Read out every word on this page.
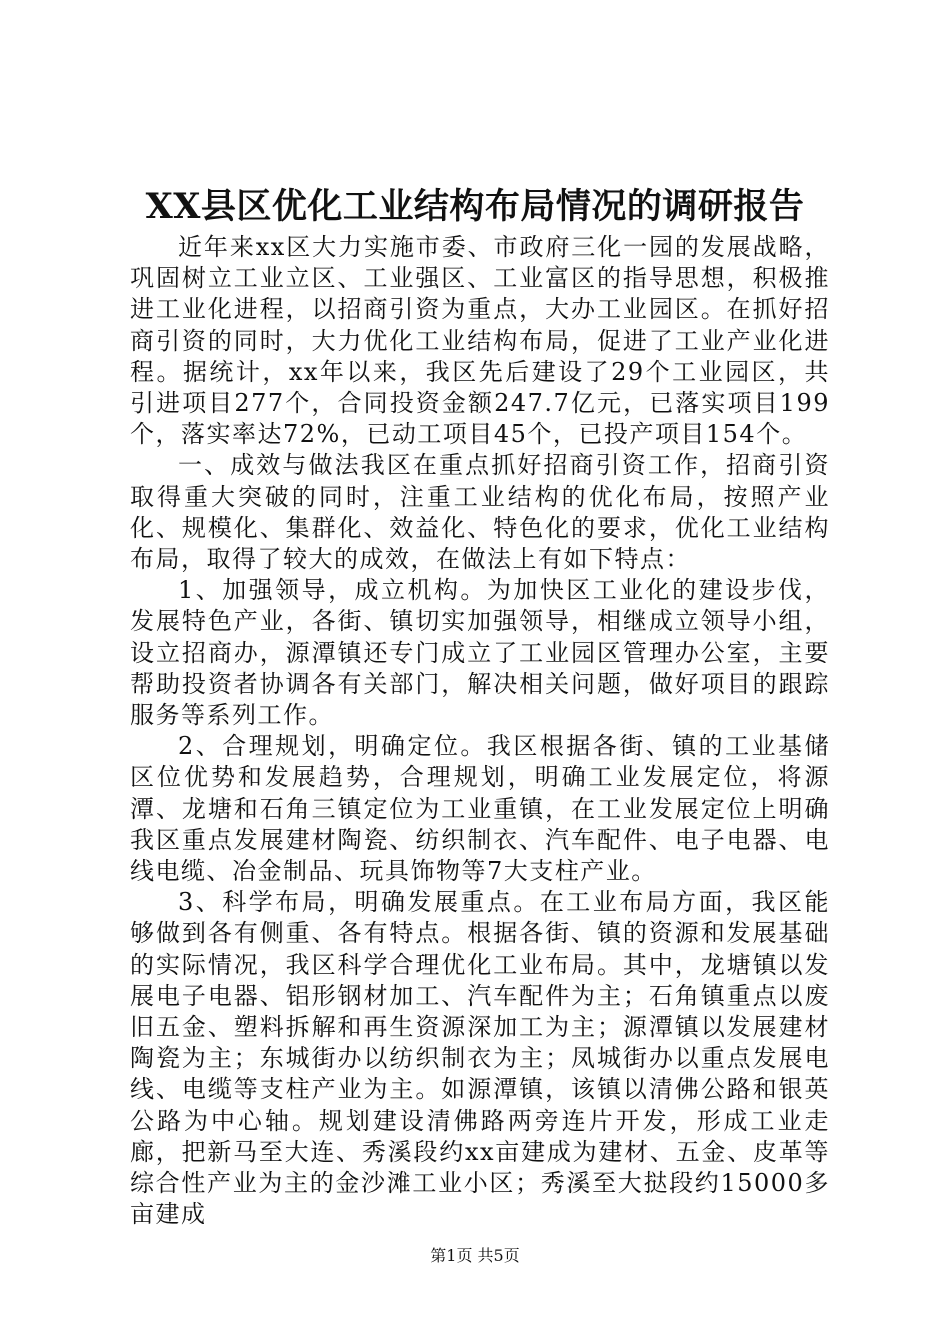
XX县区优化工业结构布局情况的调研报告

近年来xx区大力实施市委、市政府三化一园的发展战略，巩固树立工业立区、工业强区、工业富区的指导思想，积极推进工业化进程，以招商引资为重点，大办工业园区。在抓好招商引资的同时，大力优化工业结构布局，促进了工业产业化进程。据统计，xx年以来，我区先后建设了29个工业园区，共引进项目277个，合同投资金额247.7亿元，已落实项目199个，落实率达72%，已动工项目45个，已投产项目154个。

一、成效与做法我区在重点抓好招商引资工作，招商引资取得重大突破的同时，注重工业结构的优化布局，按照产业化、规模化、集群化、效益化、特色化的要求，优化工业结构布局，取得了较大的成效，在做法上有如下特点：

1、加强领导，成立机构。为加快区工业化的建设步伐，发展特色产业，各街、镇切实加强领导，相继成立领导小组，设立招商办，源潭镇还专门成立了工业园区管理办公室，主要帮助投资者协调各有关部门，解决相关问题，做好项目的跟踪服务等系列工作。

2、合理规划，明确定位。我区根据各街、镇的工业基储区位优势和发展趋势，合理规划，明确工业发展定位，将源潭、龙塘和石角三镇定位为工业重镇，在工业发展定位上明确我区重点发展建材陶瓷、纺织制衣、汽车配件、电子电器、电线电缆、冶金制品、玩具饰物等7大支柱产业。

3、科学布局，明确发展重点。在工业布局方面，我区能够做到各有侧重、各有特点。根据各街、镇的资源和发展基础的实际情况，我区科学合理优化工业布局。其中，龙塘镇以发展电子电器、铝形钢材加工、汽车配件为主；石角镇重点以废旧五金、塑料拆解和再生资源深加工为主；源潭镇以发展建材陶瓷为主；东城街办以纺织制衣为主；凤城街办以重点发展电线、电缆等支柱产业为主。如源潭镇，该镇以清佛公路和银英公路为中心轴。规划建设清佛路两旁连片开发，形成工业走廊，把新马至大连、秀溪段约xx亩建成为建材、五金、皮革等综合性产业为主的金沙滩工业小区；秀溪至大挞段约15000多亩建成

第1页 共5页
